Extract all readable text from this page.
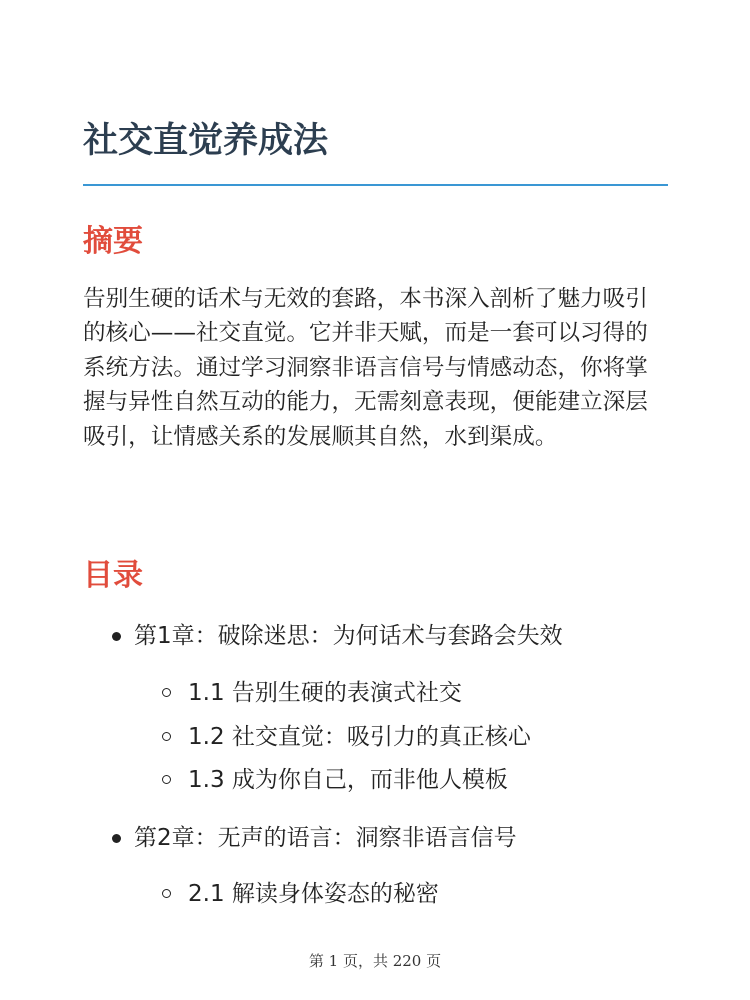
社交直觉养成法
摘要

告别生硬的话术与无效的套路，本书深入剖析了魅力吸引的核心——社交直觉。它并非天赋，而是一套可以习得的系统方法。通过学习洞察非语言信号与情感动态，你将掌握与异性自然互动的能力，无需刻意表现，便能建立深层吸引，让情感关系的发展顺其自然，水到渠成。

目录
第1章：破除迷思：为何话术与套路会失效
1.1 告别生硬的表演式社交
1.2 社交直觉：吸引力的真正核心
1.3 成为你自己，而非他人模板
第2章：无声的语言：洞察非语言信号
2.1 解读身体姿态的秘密
第 1 页，共 220 页
